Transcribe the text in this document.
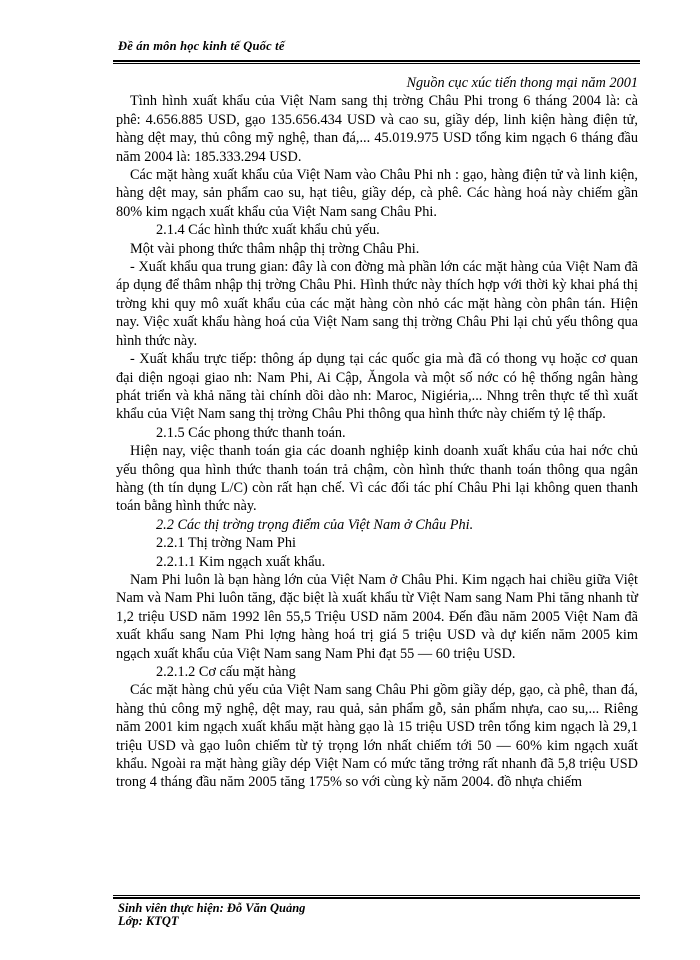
Đề án môn học kinh tế Quốc tế

Nguồn cục xúc tiến thong mại năm 2001

Tình hình xuất khẩu của Việt Nam sang thị trờng Châu Phi trong 6 tháng 2004 là: cà phê: 4.656.885 USD, gạo 135.656.434 USD và cao su, giầy dép, linh kiện hàng điện tử, hàng dệt may, thủ công mỹ nghệ, than đá,... 45.019.975 USD tổng kim ngạch 6 tháng đầu năm 2004 là: 185.333.294 USD.

Các mặt hàng xuất khẩu của Việt Nam vào Châu Phi nh : gạo, hàng điện tử và linh kiện, hàng dệt may, sản phẩm cao su, hạt tiêu, giầy dép, cà phê. Các hàng hoá này chiếm gần 80% kim ngạch xuất khẩu của Việt Nam sang Châu Phi.

2.1.4 Các hình thức xuất khẩu chủ yếu.

Một vài phong thức thâm nhập thị trờng Châu Phi.

- Xuất khẩu qua trung gian: đây là con đờng mà phần lớn các mặt hàng của Việt Nam đã áp dụng để thâm nhập thị trờng Châu Phi. Hình thức này thích hợp với thời kỳ khai phá thị trờng khi quy mô xuất khẩu của các mặt hàng còn nhỏ các mặt hàng còn phân tán. Hiện nay. Việc xuất khẩu hàng hoá của Việt Nam sang thị trờng Châu Phi lại chủ yếu thông qua hình thức này.

- Xuất khẩu trực tiếp: thông áp dụng tại các quốc gia mà đã có thong vụ hoặc cơ quan đại diện ngoại giao nh: Nam Phi, Ai Cập, Ăngola và một số nớc có hệ thống ngân hàng phát triển và khả năng tài chính dồi dào nh: Maroc, Nigiéria,... Nhng trên thực tế thì xuất khẩu của Việt Nam sang thị trờng Châu Phi thông qua hình thức này chiếm tỷ lệ thấp.

2.1.5 Các phong thức thanh toán.

Hiện nay, việc thanh toán gia các doanh nghiệp kinh doanh xuất khẩu của hai nớc chủ yếu thông qua hình thức thanh toán trả chậm, còn hình thức thanh toán thông qua ngân hàng (th tín dụng L/C) còn rất hạn chế. Vì các đối tác phí Châu Phi lại không quen thanh toán bằng hình thức này.

2.2 Các thị trờng trọng điểm của Việt Nam ở Châu Phi.

2.2.1 Thị trờng Nam Phi

2.2.1.1 Kim ngạch xuất khẩu.

Nam Phi luôn là bạn hàng lớn của Việt Nam ở Châu Phi. Kim ngạch hai chiều giữa Việt Nam và Nam Phi luôn tăng, đặc biệt là xuất khẩu từ Việt Nam sang Nam Phi tăng nhanh từ 1,2 triệu USD năm 1992 lên 55,5 Triệu USD năm 2004. Đến đầu năm 2005 Việt Nam đã xuất khẩu sang Nam Phi lợng hàng hoá trị giá 5 triệu USD và dự kiến năm 2005 kim ngạch xuất khẩu của Việt Nam sang Nam Phi đạt 55 — 60 triệu USD.

2.2.1.2 Cơ cấu mặt hàng

Các mặt hàng chủ yếu của Việt Nam sang Châu Phi gồm giầy dép, gạo, cà phê, than đá, hàng thủ công mỹ nghệ, dệt may, rau quả, sản phẩm gỗ, sản phẩm nhựa, cao su,... Riêng năm 2001 kim ngạch xuất khẩu mặt hàng gạo là 15 triệu USD trên tổng kim ngạch là 29,1 triệu USD và gạo luôn chiếm từ tỷ trọng lớn nhất chiếm tới 50 — 60% kim ngạch xuất khẩu. Ngoài ra mặt hàng giầy dép Việt Nam có mức tăng trởng rất nhanh đã 5,8 triệu USD trong 4 tháng đầu năm 2005 tăng 175% so với cùng kỳ năm 2004. đồ nhựa chiếm

Sinh viên thực hiện: Đỗ Văn Quảng
Lớp: KTQT
